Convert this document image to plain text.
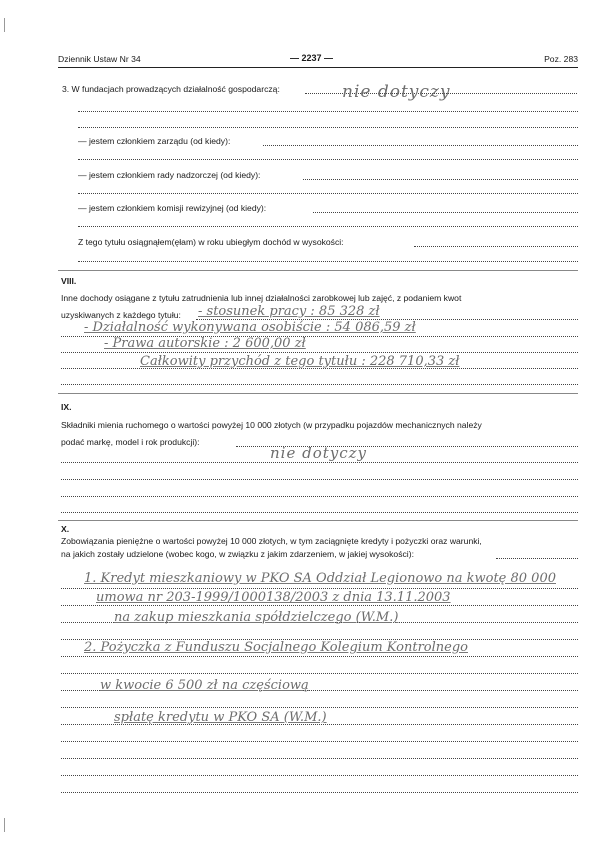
Dziennik Ustaw Nr 34	— 2237 —	Poz. 283
3. W fundacjach prowadzących działalność gospodarczą:	nie dotyczy
— jestem członkiem zarządu (od kiedy):
— jestem członkiem rady nadzorczej (od kiedy):
— jestem członkiem komisji rewizyjnej (od kiedy):
Z tego tytułu osiągnąłem(ęłam) w roku ubiegłym dochód w wysokości:
VIII.
Inne dochody osiągane z tytułu zatrudnienia lub innej działalności zarobkowej lub zajęć, z podaniem kwot
uzyskiwanych z każdego tytułu: - stosunek pracy : 85 328 zł
- Działalność wykonywana osobiście : 54 086,59 zł
- Prawa autorskie : 2 600,00 zł
Całkowity przychód z tego tytułu : 228 710,33 zł
IX.
Składniki mienia ruchomego o wartości powyżej 10 000 złotych (w przypadku pojazdów mechanicznych należy
podać markę, model i rok produkcji):
nie dotyczy
X.
Zobowiązania pieniężne o wartości powyżej 10 000 złotych, w tym zaciągnięte kredyty i pożyczki oraz warunki,
na jakich zostały udzielone (wobec kogo, w związku z jakim zdarzeniem, w jakiej wysokości):
1. Kredyt mieszkaniowy w PKO SA Oddział Legionowo na kwotę 80 000
umowa nr 203-1999/1000138/2003 z dnia 13.11.2003
na zakup mieszkania spółdzielczego (W.M.)
2. Pożyczka z Funduszu Socjalnego Kolegium Kontrolnego
w kwocie 6 500 zł na częściową
spłatę kredytu w PKO SA (W.M.)
